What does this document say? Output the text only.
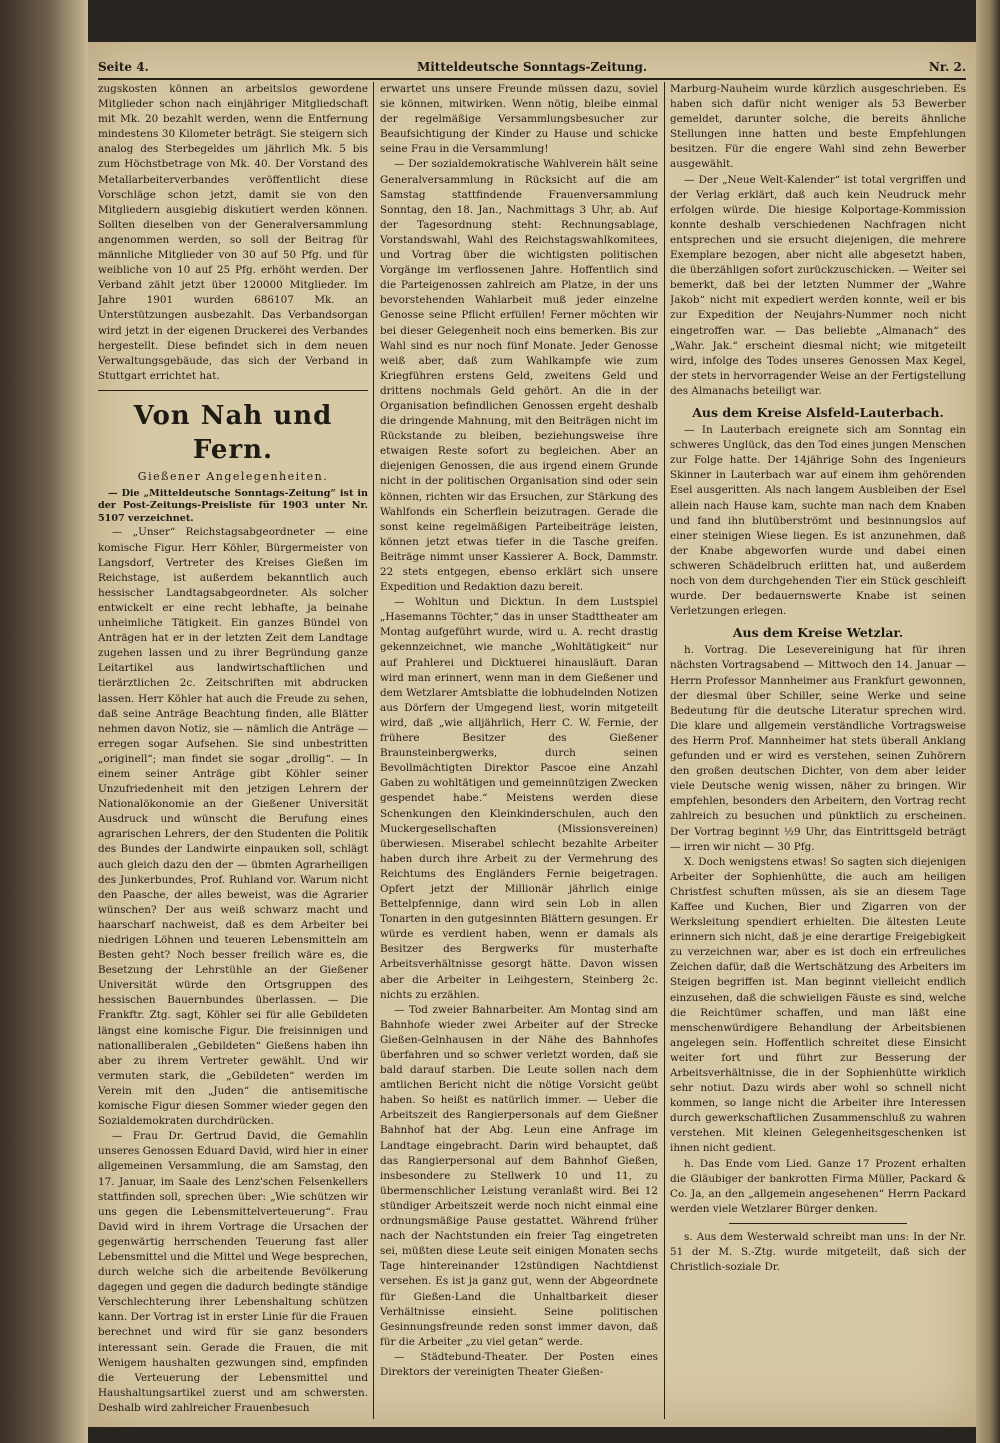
Seite 4.	Mitteldeutsche Sonntags-Zeitung.	Nr. 2.

zugskosten können an arbeitslos gewordene Mitglieder schon nach einjähriger Mitgliedschaft mit Mk. 20 bezahlt werden, wenn die Entfernung mindestens 30 Kilometer beträgt. Sie steigern sich analog des Sterbegeldes um jährlich Mk. 5 bis zum Höchstbetrage von Mk. 40. Der Vorstand des Metallarbeiterverbandes veröffentlicht diese Vorschläge schon jetzt, damit sie von den Mitgliedern ausgiebig diskutiert werden können. Sollten dieselben von der Generalversammlung angenommen werden, so soll der Beitrag für männliche Mitglieder von 30 auf 50 Pfg. und für weibliche von 10 auf 25 Pfg. erhöht werden. Der Verband zählt jetzt über 120000 Mitglieder. Im Jahre 1901 wurden 686107 Mk. an Unterstützungen ausbezahlt. Das Verbandsorgan wird jetzt in der eigenen Druckerei des Verbandes hergestellt. Diese befindet sich in dem neuen Verwaltungsgebäude, das sich der Verband in Stuttgart errichtet hat.

Von Nah und Fern.
Gießener Angelegenheiten.

— Die „Mitteldeutsche Sonntags-Zeitung“ ist in der Post-Zeitungs-Preisliste für 1903 unter Nr. 5107 verzeichnet.

— „Unser“ Reichstagsabgeordneter — eine komische Figur. Herr Köhler, Bürgermeister von Langsdorf, Vertreter des Kreises Gießen im Reichstage, ist außerdem bekanntlich auch hessischer Landtagsabgeordneter. Als solcher entwickelt er eine recht lebhafte, ja beinahe unheimliche Tätigkeit. Ein ganzes Bündel von Anträgen hat er in der letzten Zeit dem Landtage zugehen lassen und zu ihrer Begründung ganze Leitartikel aus landwirtschaftlichen und tierärztlichen 2c. Zeitschriften mit abdrucken lassen. Herr Köhler hat auch die Freude zu sehen, daß seine Anträge Beachtung finden, alle Blätter nehmen davon Notiz, sie — nämlich die Anträge — erregen sogar Aufsehen. Sie sind unbestritten „originell“; man findet sie sogar „drollig“. — In einem seiner Anträge gibt Köhler seiner Unzufriedenheit mit den jetzigen Lehrern der Nationalökonomie an der Gießener Universität Ausdruck und wünscht die Berufung eines agrarischen Lehrers, der den Studenten die Politik des Bundes der Landwirte einpauken soll, schlägt auch gleich dazu den der — übmten Agrarheiligen des Junkerbundes, Prof. Ruhland vor. Warum nicht den Paasche, der alles beweist, was die Agrarier wünschen? Der aus weiß schwarz macht und haarscharf nachweist, daß es dem Arbeiter bei niedrigen Löhnen und teueren Lebensmitteln am Besten geht? Noch besser freilich wäre es, die Besetzung der Lehrstühle an der Gießener Universität würde den Ortsgruppen des hessischen Bauernbundes überlassen. — Die Frankftr. Ztg. sagt, Köhler sei für alle Gebildeten längst eine komische Figur. Die freisinnigen und nationalliberalen „Gebildeten“ Gießens haben ihn aber zu ihrem Vertreter gewählt. Und wir vermuten stark, die „Gebildeten“ werden im Verein mit den „Juden“ die antisemitische komische Figur diesen Sommer wieder gegen den Sozialdemokraten durchdrücken.

— Frau Dr. Gertrud David, die Gemahlin unseres Genossen Eduard David, wird hier in einer allgemeinen Versammlung, die am Samstag, den 17. Januar, im Saale des Lenz'schen Felsenkellers stattfinden soll, sprechen über: „Wie schützen wir uns gegen die Lebensmittelverteuerung“. Frau David wird in ihrem Vortrage die Ursachen der gegenwärtig herrschenden Teuerung fast aller Lebensmittel und die Mittel und Wege besprechen, durch welche sich die arbeitende Bevölkerung dagegen und gegen die dadurch bedingte ständige Verschlechterung ihrer Lebenshaltung schützen kann. Der Vortrag ist in erster Linie für die Frauen berechnet und wird für sie ganz besonders interessant sein. Gerade die Frauen, die mit Wenigem haushalten gezwungen sind, empfinden die Verteuerung der Lebensmittel und Haushaltungsartikel zuerst und am schwersten. Deshalb wird zahlreicher Frauenbesuch

erwartet uns unsere Freunde müssen dazu, soviel sie können, mitwirken. Wenn nötig, bleibe einmal der regelmäßige Versammlungsbesucher zur Beaufsichtigung der Kinder zu Hause und schicke seine Frau in die Versammlung!

— Der sozialdemokratische Wahlverein hält seine Generalversammlung in Rücksicht auf die am Samstag stattfindende Frauenversammlung Sonntag, den 18. Jan., Nachmittags 3 Uhr, ab. Auf der Tagesordnung steht: Rechnungsablage, Vorstandswahl, Wahl des Reichstagswahlkomitees, und Vortrag über die wichtigsten politischen Vorgänge im verflossenen Jahre. Hoffentlich sind die Parteigenossen zahlreich am Platze, in der uns bevorstehenden Wahlarbeit muß jeder einzelne Genosse seine Pflicht erfüllen! Ferner möchten wir bei dieser Gelegenheit noch eins bemerken. Bis zur Wahl sind es nur noch fünf Monate. Jeder Genosse weiß aber, daß zum Wahlkampfe wie zum Kriegführen erstens Geld, zweitens Geld und drittens nochmals Geld gehört. An die in der Organisation befindlichen Genossen ergeht deshalb die dringende Mahnung, mit den Beiträgen nicht im Rückstande zu bleiben, beziehungsweise ihre etwaigen Reste sofort zu begleichen. Aber an diejenigen Genossen, die aus irgend einem Grunde nicht in der politischen Organisation sind oder sein können, richten wir das Ersuchen, zur Stärkung des Wahlfonds ein Scherflein beizutragen. Gerade die sonst keine regelmäßigen Parteibeiträge leisten, können jetzt etwas tiefer in die Tasche greifen. Beiträge nimmt unser Kassierer A. Bock, Dammstr. 22 stets entgegen, ebenso erklärt sich unsere Expedition und Redaktion dazu bereit.

— Wohltun und Dicktun. In dem Lustspiel „Hasemanns Töchter,“ das in unser Stadttheater am Montag aufgeführt wurde, wird u. A. recht drastig gekennzeichnet, wie manche „Wohltätigkeit“ nur auf Prahlerei und Dicktuerei hinausläuft. Daran wird man erinnert, wenn man in dem Gießener und dem Wetzlarer Amtsblatte die lobhudelnden Notizen aus Dörfern der Umgegend liest, worin mitgeteilt wird, daß „wie alljährlich, Herr C. W. Fernie, der frühere Besitzer des Gießener Braunsteinbergwerks, durch seinen Bevollmächtigten Direktor Pascoe eine Anzahl Gaben zu wohltätigen und gemeinnützigen Zwecken gespendet habe.“ Meistens werden diese Schenkungen den Kleinkinderschulen, auch den Muckergesellschaften (Missionsvereinen) überwiesen. Miserabel schlecht bezahlte Arbeiter haben durch ihre Arbeit zu der Vermehrung des Reichtums des Engländers Fernie beigetragen. Opfert jetzt der Millionär jährlich einige Bettelpfennige, dann wird sein Lob in allen Tonarten in den gutgesinnten Blättern gesungen. Er würde es verdient haben, wenn er damals als Besitzer des Bergwerks für musterhafte Arbeitsverhältnisse gesorgt hätte. Davon wissen aber die Arbeiter in Leihgestern, Steinberg 2c. nichts zu erzählen.

— Tod zweier Bahnarbeiter. Am Montag sind am Bahnhofe wieder zwei Arbeiter auf der Strecke Gießen-Gelnhausen in der Nähe des Bahnhofes überfahren und so schwer verletzt worden, daß sie bald darauf starben. Die Leute sollen nach dem amtlichen Bericht nicht die nötige Vorsicht geübt haben. So heißt es natürlich immer. — Ueber die Arbeitszeit des Rangierpersonals auf dem Gießner Bahnhof hat der Abg. Leun eine Anfrage im Landtage eingebracht. Darin wird behauptet, daß das Rangierpersonal auf dem Bahnhof Gießen, insbesondere zu Stellwerk 10 und 11, zu übermenschlicher Leistung veranlaßt wird. Bei 12 stündiger Arbeitszeit werde noch nicht einmal eine ordnungsmäßige Pause gestattet. Während früher nach der Nachtstunden ein freier Tag eingetreten sei, müßten diese Leute seit einigen Monaten sechs Tage hintereinander 12stündigen Nachtdienst versehen. Es ist ja ganz gut, wenn der Abgeordnete für Gießen-Land die Unhaltbarkeit dieser Verhältnisse einsieht. Seine politischen Gesinnungsfreunde reden sonst immer davon, daß für die Arbeiter „zu viel getan“ werde.

— Städtebund-Theater. Der Posten eines Direktors der vereinigten Theater Gießen-

Marburg-Nauheim wurde kürzlich ausgeschrieben. Es haben sich dafür nicht weniger als 53 Bewerber gemeldet, darunter solche, die bereits ähnliche Stellungen inne hatten und beste Empfehlungen besitzen. Für die engere Wahl sind zehn Bewerber ausgewählt.

— Der „Neue Welt-Kalender“ ist total vergriffen und der Verlag erklärt, daß auch kein Neudruck mehr erfolgen würde. Die hiesige Kolportage-Kommission konnte deshalb verschiedenen Nachfragen nicht entsprechen und sie ersucht diejenigen, die mehrere Exemplare bezogen, aber nicht alle abgesetzt haben, die überzähligen sofort zurückzuschicken. — Weiter sei bemerkt, daß bei der letzten Nummer der „Wahre Jakob“ nicht mit expediert werden konnte, weil er bis zur Expedition der Neujahrs-Nummer noch nicht eingetroffen war. — Das beliebte „Almanach“ des „Wahr. Jak.“ erscheint diesmal nicht; wie mitgeteilt wird, infolge des Todes unseres Genossen Max Kegel, der stets in hervorragender Weise an der Fertigstellung des Almanachs beteiligt war.

Aus dem Kreise Alsfeld-Lauterbach.

— In Lauterbach ereignete sich am Sonntag ein schweres Unglück, das den Tod eines jungen Menschen zur Folge hatte. Der 14jährige Sohn des Ingenieurs Skinner in Lauterbach war auf einem ihm gehörenden Esel ausgeritten. Als nach langem Ausbleiben der Esel allein nach Hause kam, suchte man nach dem Knaben und fand ihn blutüberströmt und besinnungslos auf einer steinigen Wiese liegen. Es ist anzunehmen, daß der Knabe abgeworfen wurde und dabei einen schweren Schädelbruch erlitten hat, und außerdem noch von dem durchgehenden Tier ein Stück geschleift wurde. Der bedauernswerte Knabe ist seinen Verletzungen erlegen.

Aus dem Kreise Wetzlar.

h. Vortrag. Die Lesevereinigung hat für ihren nächsten Vortragsabend — Mittwoch den 14. Januar — Herrn Professor Mannheimer aus Frankfurt gewonnen, der diesmal über Schiller, seine Werke und seine Bedeutung für die deutsche Literatur sprechen wird. Die klare und allgemein verständliche Vortragsweise des Herrn Prof. Mannheimer hat stets überall Anklang gefunden und er wird es verstehen, seinen Zuhörern den großen deutschen Dichter, von dem aber leider viele Deutsche wenig wissen, näher zu bringen. Wir empfehlen, besonders den Arbeitern, den Vortrag recht zahlreich zu besuchen und pünktlich zu erscheinen. Der Vortrag beginnt ½9 Uhr, das Eintrittsgeld beträgt — irren wir nicht — 30 Pfg.

X. Doch wenigstens etwas! So sagten sich diejenigen Arbeiter der Sophienhütte, die auch am heiligen Christfest schuften müssen, als sie an diesem Tage Kaffee und Kuchen, Bier und Zigarren von der Werksleitung spendiert erhielten. Die ältesten Leute erinnern sich nicht, daß je eine derartige Freigebigkeit zu verzeichnen war, aber es ist doch ein erfreuliches Zeichen dafür, daß die Wertschätzung des Arbeiters im Steigen begriffen ist. Man beginnt vielleicht endlich einzusehen, daß die schwieligen Fäuste es sind, welche die Reichtümer schaffen, und man läßt eine menschenwürdigere Behandlung der Arbeitsbienen angelegen sein. Hoffentlich schreitet diese Einsicht weiter fort und führt zur Besserung der Arbeitsverhältnisse, die in der Sophienhütte wirklich sehr notiut. Dazu wirds aber wohl so schnell nicht kommen, so lange nicht die Arbeiter ihre Interessen durch gewerkschaftlichen Zusammenschluß zu wahren verstehen. Mit kleinen Gelegenheitsgeschenken ist ihnen nicht gedient.

h. Das Ende vom Lied. Ganze 17 Prozent erhalten die Gläubiger der bankrotten Firma Müller, Packard & Co. Ja, an den „allgemein angesehenen“ Herrn Packard werden viele Wetzlarer Bürger denken.

s. Aus dem Westerwald schreibt man uns: In der Nr. 51 der M. S.-Ztg. wurde mitgeteilt, daß sich der Christlich-soziale Dr.
